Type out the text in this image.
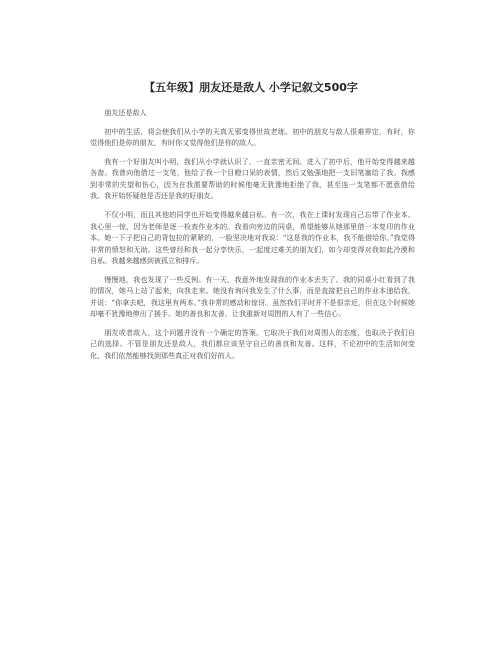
【五年级】朋友还是敌人 小学记叙文500字

朋友还是敌人

初中的生活，将会使我们从小学的天真无邪变得世故老练。初中的朋友与敌人很难界定，有时，你觉得他们是你的朋友，有时你又觉得他们是你的敌人。

我有一个好朋友叫小明，我们从小学就认识了，一直亲密无间。进入了初中后，他开始变得越来越各啬。我曾向他借过一支笔，他给了我一个目瞪口呆的表情，然后又勉强地把一支旧笔塞给了我。我感到非常的失望和伤心，因为在我需要帮助的时候他毫无犹豫地拒绝了我，甚至连一支笔都不愿意借给我。我开始怀疑他是否还是我的好朋友。

不仅小明，而且其他的同学也开始变得越来越自私。有一次，我在上课时发现自己忘带了作业本。我心里一惊，因为老师是逐一检查作业本的。我看向旁边的同桌，希望能够从她那里借一本复印的作业本。她一下子把自己的背包拉的紧紧的，一脸坚决地对我说：“这是我的作业本，我不能借给你。”我觉得非常的愤怒和无助。这些曾经和我一起分享快乐，一起度过难关的朋友们，如今却变得对我如此冷漠和自私。我越来越感到被孤立和排斥。

慢慢地，我也发现了一些反例。有一天，我意外地发现我的作业本丢失了。我的同桌小红看到了我的情况，她马上站了起来，向我走来。她没有询问我发生了什么事，而是直接把自己的作业本递给我，并说：“你拿去吧，我这里有两本。”我非常的感动和惊讶。虽然我们平时并不是很亲近，但在这个时候她却毫不犹豫地伸出了援手。她的善良和友善，让我重新对周围的人有了一些信心。

朋友或者敌人，这个问题并没有一个确定的答案。它取决于我们对周围人的态度，也取决于我们自己的选择。不管是朋友还是敌人，我们都应该坚守自己的善良和友善。这样，不论初中的生活如何变化，我们依然能够找到那些真正对我们好的人。
